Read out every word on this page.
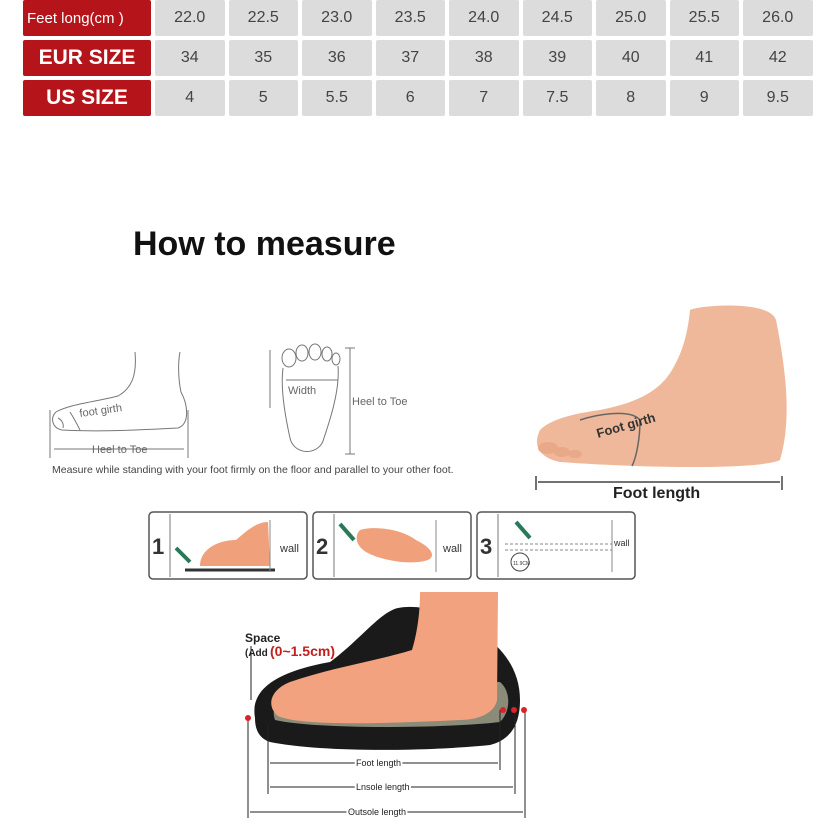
Feet long(cm )	22.0	22.5	23.0	23.5	24.0	24.5	25.0	25.5	26.0
EUR SIZE	34	35	36	37	38	39	40	41	42
US SIZE	4	5	5.5	6	7	7.5	8	9	9.5
How to measure
foot girth
Heel to Toe
Width
Heel to Toe
Measure while standing with your foot firmly on the floor and parallel to your other foot.
Foot girth
Foot length
1	2	3
wall	wall	wall
11.9CM
Space
(Add (0~1.5cm)
Foot length
Lnsole length
Outsole length
